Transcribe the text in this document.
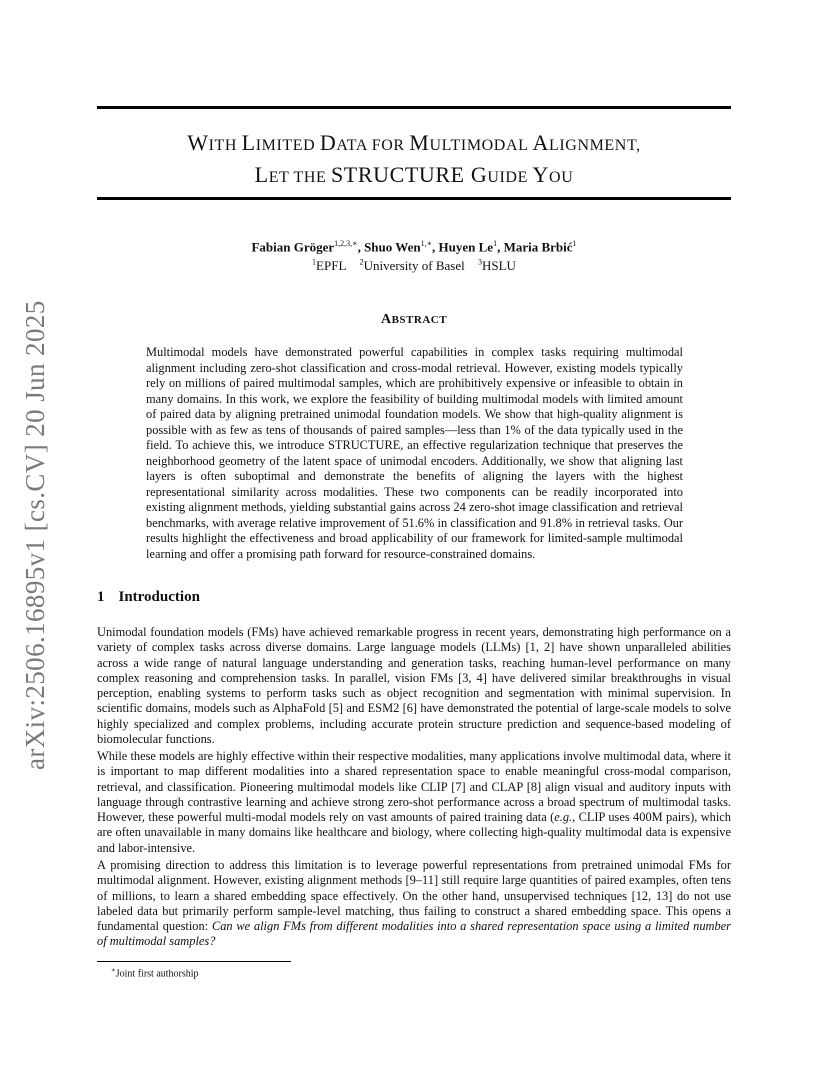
WITH LIMITED DATA FOR MULTIMODAL ALIGNMENT,
LET THE STRUCTURE GUIDE YOU
Fabian Gröger$^{1,2,3,∗}$, Shuo Wen$^{1,∗}$, Huyen Le$^1$, Maria Brbić$^1$
$^1$EPFL $^2$University of Basel $^3$HSLU
arXiv:2506.16895v1 [cs.CV] 20 Jun 2025	ABSTRACT
Multimodal models have demonstrated powerful capabilities in complex tasks requiring multimodal alignment including zero-shot classification and cross-modal retrieval. However, existing models typically rely on millions of paired multimodal samples, which are prohibitively expensive or infeasible to obtain in many domains. In this work, we explore the feasibility of building multimodal models with limited amount of paired data by aligning pretrained unimodal foundation models. We show that high-quality alignment is possible with as few as tens of thousands of paired samples—less than 1% of the data typically used in the field. To achieve this, we introduce STRUCTURE, an effective regularization technique that preserves the neighborhood geometry of the latent space of unimodal encoders. Additionally, we show that aligning last layers is often suboptimal and demonstrate the benefits of aligning the layers with the highest representational similarity across modalities. These two components can be readily incorporated into existing alignment methods, yielding substantial gains across 24 zero-shot image classification and retrieval benchmarks, with average relative improvement of 51.6% in classification and 91.8% in retrieval tasks. Our results highlight the effectiveness and broad applicability of our framework for limited-sample multimodal learning and offer a promising path forward for resource-constrained domains.
1 Introduction
Unimodal foundation models (FMs) have achieved remarkable progress in recent years, demonstrating high performance on a variety of complex tasks across diverse domains. Large language models (LLMs) [1, 2] have shown unparalleled abilities across a wide range of natural language understanding and generation tasks, reaching human-level performance on many complex reasoning and comprehension tasks. In parallel, vision FMs [3, 4] have delivered similar breakthroughs in visual perception, enabling systems to perform tasks such as object recognition and segmentation with minimal supervision. In scientific domains, models such as AlphaFold [5] and ESM2 [6] have demonstrated the potential of large-scale models to solve highly specialized and complex problems, including accurate protein structure prediction and sequence-based modeling of biomolecular functions.
While these models are highly effective within their respective modalities, many applications involve multimodal data, where it is important to map different modalities into a shared representation space to enable meaningful cross-modal comparison, retrieval, and classification. Pioneering multimodal models like CLIP [7] and CLAP [8] align visual and auditory inputs with language through contrastive learning and achieve strong zero-shot performance across a broad spectrum of multimodal tasks. However, these powerful multi-modal models rely on vast amounts of paired training data (e.g., CLIP uses 400M pairs), which are often unavailable in many domains like healthcare and biology, where collecting high-quality multimodal data is expensive and labor-intensive.
A promising direction to address this limitation is to leverage powerful representations from pretrained unimodal FMs for multimodal alignment. However, existing alignment methods [9–11] still require large quantities of paired examples, often tens of millions, to learn a shared embedding space effectively. On the other hand, unsupervised techniques [12, 13] do not use labeled data but primarily perform sample-level matching, thus failing to construct a shared embedding space. This opens a fundamental question: Can we align FMs from different modalities into a shared representation space using a limited number of multimodal samples?
∗Joint first authorship
